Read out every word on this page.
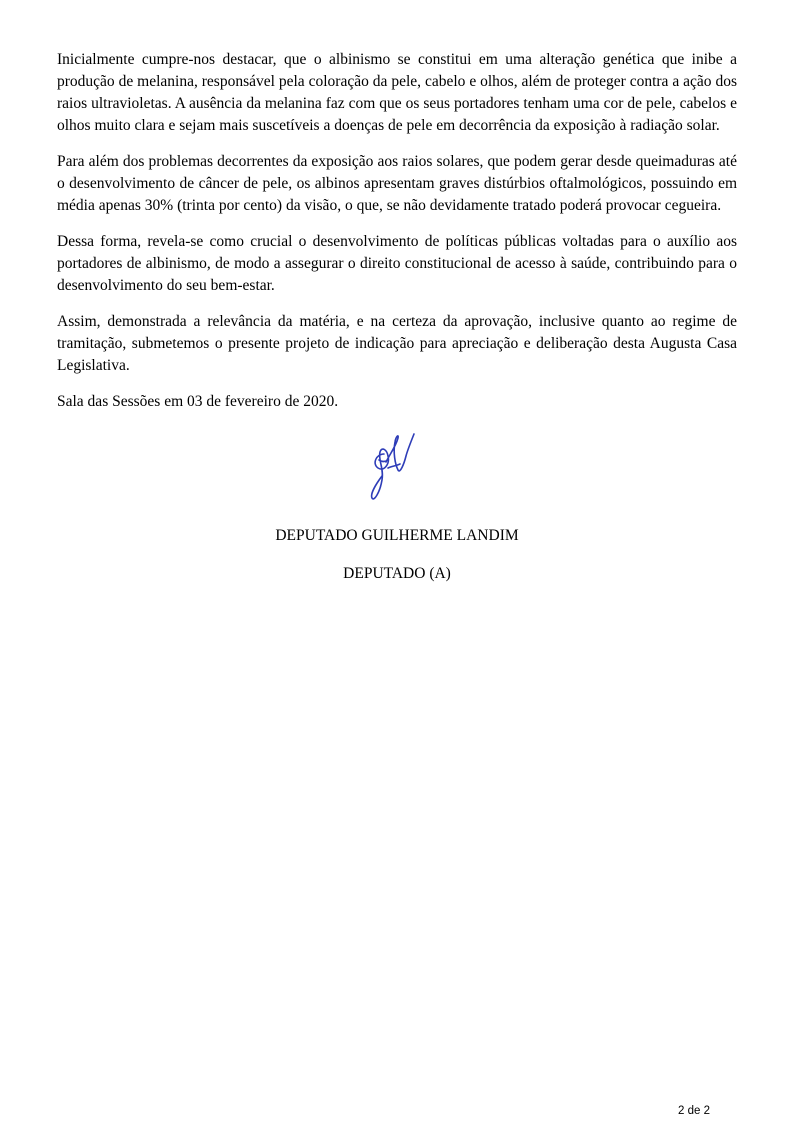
Inicialmente cumpre-nos destacar, que o albinismo se constitui em uma alteração genética que inibe a produção de melanina, responsável pela coloração da pele, cabelo e olhos, além de proteger contra a ação dos raios ultravioletas. A ausência da melanina faz com que os seus portadores tenham uma cor de pele, cabelos e olhos muito clara e sejam mais suscetíveis a doenças de pele em decorrência da exposição à radiação solar.

Para além dos problemas decorrentes da exposição aos raios solares, que podem gerar desde queimaduras até o desenvolvimento de câncer de pele, os albinos apresentam graves distúrbios oftalmológicos, possuindo em média apenas 30% (trinta por cento) da visão, o que, se não devidamente tratado poderá provocar cegueira.

Dessa forma, revela-se como crucial o desenvolvimento de políticas públicas voltadas para o auxílio aos portadores de albinismo, de modo a assegurar o direito constitucional de acesso à saúde, contribuindo para o desenvolvimento do seu bem-estar.

Assim, demonstrada a relevância da matéria, e na certeza da aprovação, inclusive quanto ao regime de tramitação, submetemos o presente projeto de indicação para apreciação e deliberação desta Augusta Casa Legislativa.

Sala das Sessões em 03 de fevereiro de 2020.

DEPUTADO GUILHERME LANDIM
DEPUTADO (A)
2 de 2
